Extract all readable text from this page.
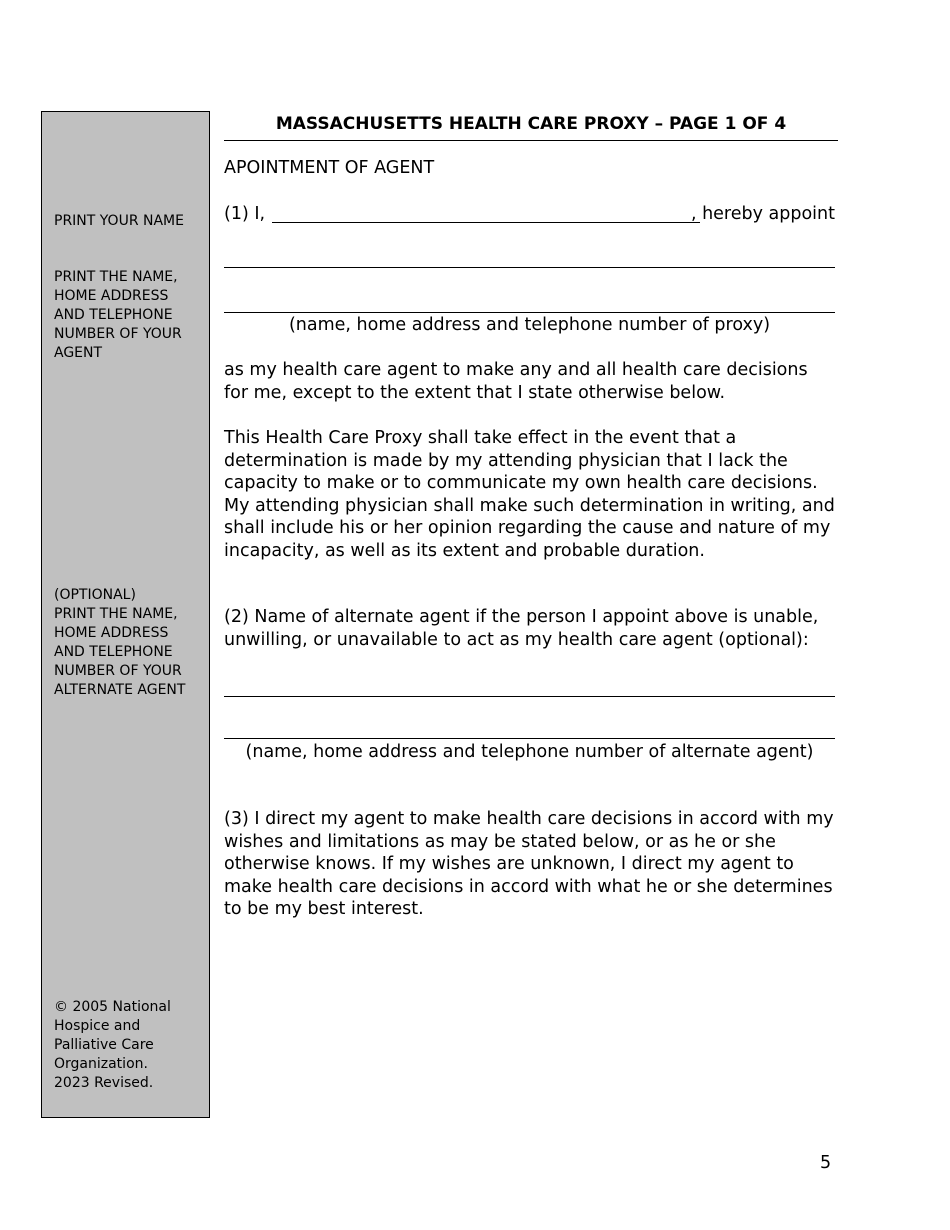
PRINT YOUR NAME

PRINT THE NAME,
HOME ADDRESS
AND TELEPHONE
NUMBER OF YOUR
AGENT

(OPTIONAL)
PRINT THE NAME,
HOME ADDRESS
AND TELEPHONE
NUMBER OF YOUR
ALTERNATE AGENT

© 2005 National
Hospice and
Palliative Care
Organization.
2023 Revised.

MASSACHUSETTS HEALTH CARE PROXY – PAGE 1 OF 4

APOINTMENT OF AGENT

(1) I,	, hereby appoint

(name, home address and telephone number of proxy)

as my health care agent to make any and all health care decisions for me, except to the extent that I state otherwise below.

This Health Care Proxy shall take effect in the event that a determination is made by my attending physician that I lack the capacity to make or to communicate my own health care decisions. My attending physician shall make such determination in writing, and shall include his or her opinion regarding the cause and nature of my incapacity, as well as its extent and probable duration.

(2) Name of alternate agent if the person I appoint above is unable, unwilling, or unavailable to act as my health care agent (optional):

(name, home address and telephone number of alternate agent)

(3) I direct my agent to make health care decisions in accord with my wishes and limitations as may be stated below, or as he or she otherwise knows. If my wishes are unknown, I direct my agent to make health care decisions in accord with what he or she determines to be my best interest.

5
